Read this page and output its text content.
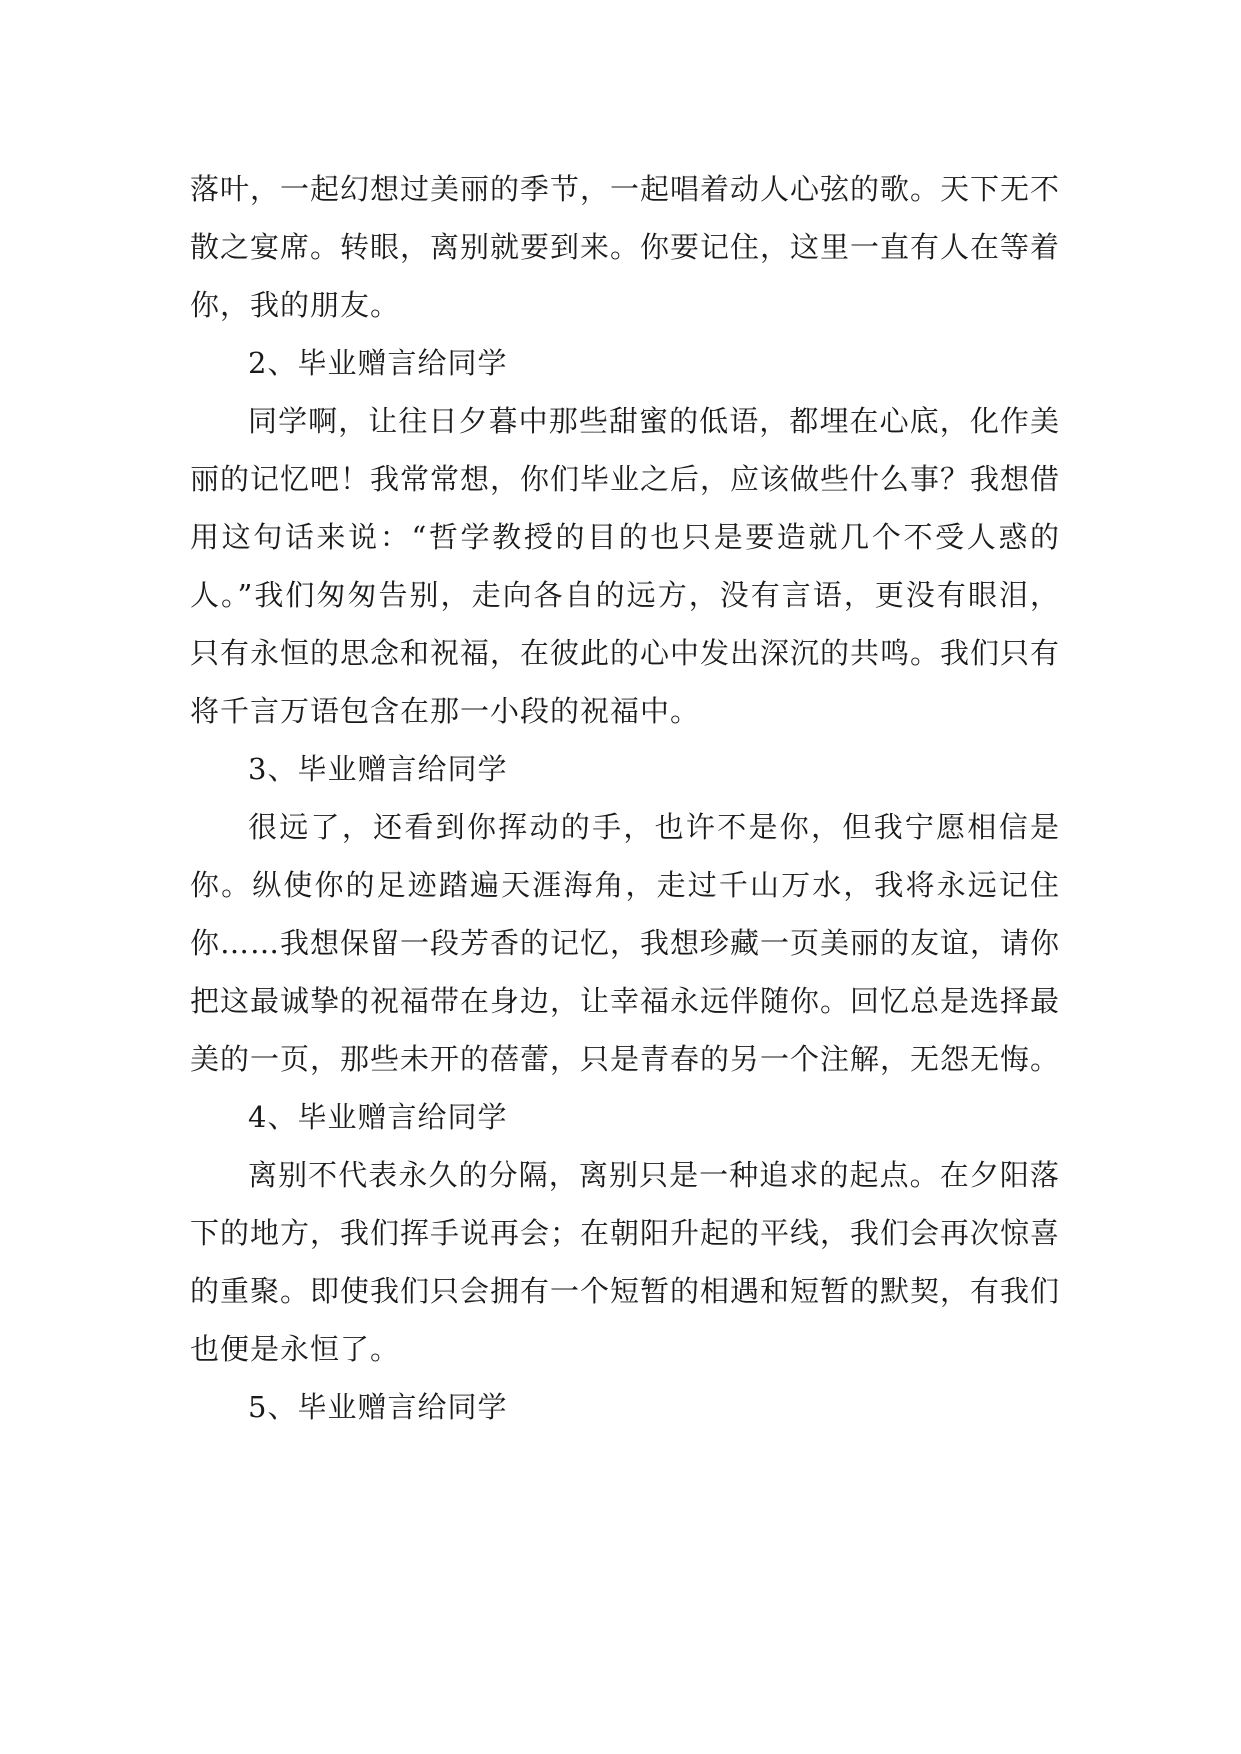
落叶，一起幻想过美丽的季节，一起唱着动人心弦的歌。天下无不散之宴席。转眼，离别就要到来。你要记住，这里一直有人在等着你，我的朋友。

2、毕业赠言给同学

同学啊，让往日夕暮中那些甜蜜的低语，都埋在心底，化作美丽的记忆吧！我常常想，你们毕业之后，应该做些什么事？我想借用这句话来说：“哲学教授的目的也只是要造就几个不受人惑的人。”我们匆匆告别，走向各自的远方，没有言语，更没有眼泪，只有永恒的思念和祝福，在彼此的心中发出深沉的共鸣。我们只有将千言万语包含在那一小段的祝福中。

3、毕业赠言给同学

很远了，还看到你挥动的手，也许不是你，但我宁愿相信是你。纵使你的足迹踏遍天涯海角，走过千山万水，我将永远记住你……我想保留一段芳香的记忆，我想珍藏一页美丽的友谊，请你把这最诚挚的祝福带在身边，让幸福永远伴随你。回忆总是选择最美的一页，那些未开的蓓蕾，只是青春的另一个注解，无怨无悔。

4、毕业赠言给同学

离别不代表永久的分隔，离别只是一种追求的起点。在夕阳落下的地方，我们挥手说再会；在朝阳升起的平线，我们会再次惊喜的重聚。即使我们只会拥有一个短暂的相遇和短暂的默契，有我们也便是永恒了。

5、毕业赠言给同学
